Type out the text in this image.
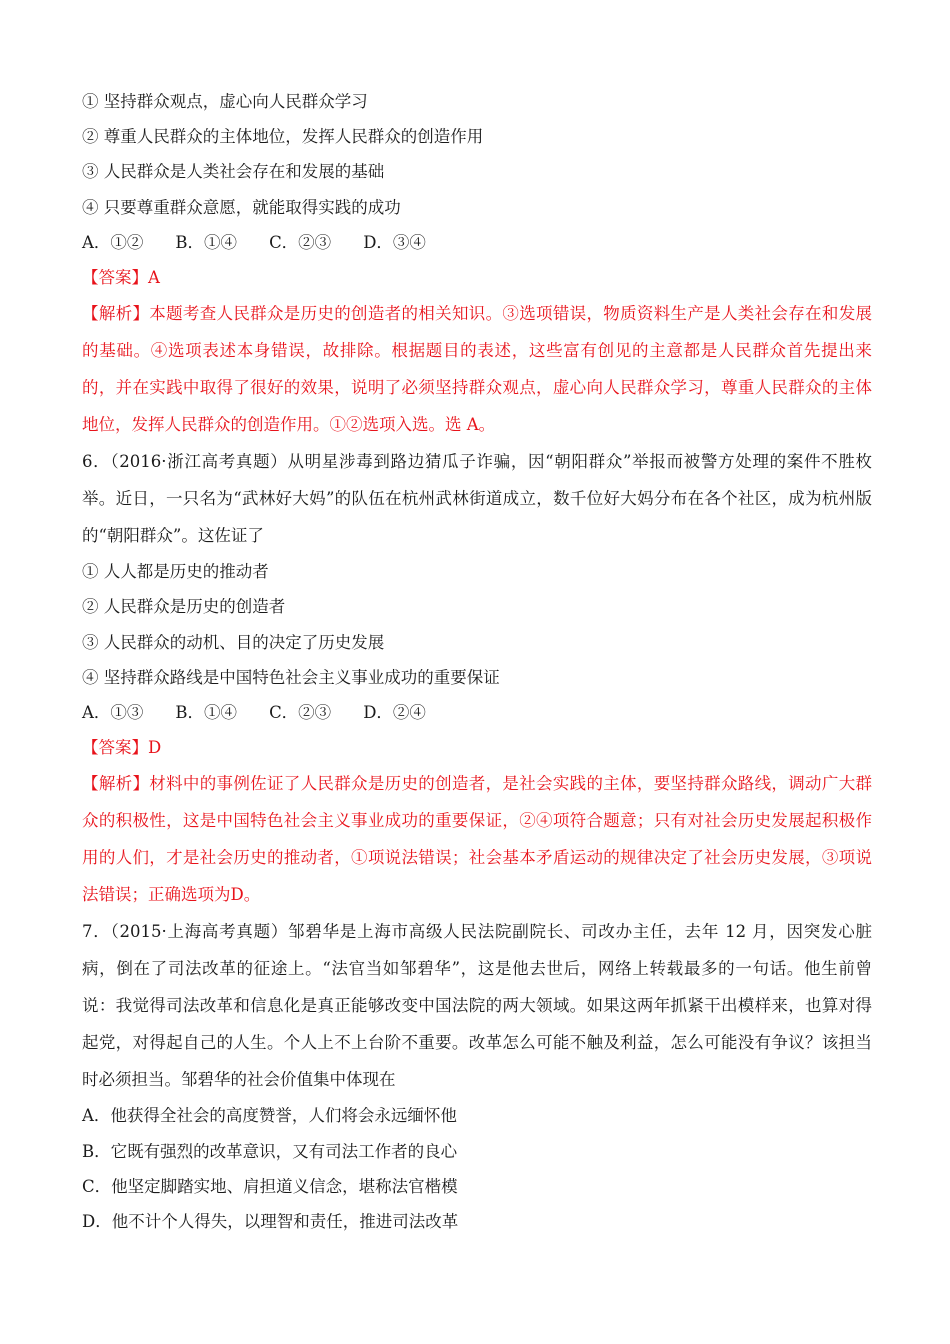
① 坚持群众观点，虚心向人民群众学习
② 尊重人民群众的主体地位，发挥人民群众的创造作用
③ 人民群众是人类社会存在和发展的基础
④ 只要尊重群众意愿，就能取得实践的成功
A．①② B．①④ C．②③ D．③④
【答案】A
【解析】本题考查人民群众是历史的创造者的相关知识。③选项错误，物质资料生产是人类社会存在和发展的基础。④选项表述本身错误，故排除。根据题目的表述，这些富有创见的主意都是人民群众首先提出来的，并在实践中取得了很好的效果，说明了必须坚持群众观点，虚心向人民群众学习，尊重人民群众的主体地位，发挥人民群众的创造作用。①②选项入选。选 A。
6．（2016·浙江高考真题）从明星涉毒到路边猜瓜子诈骗，因“朝阳群众”举报而被警方处理的案件不胜枚举。近日，一只名为“武林好大妈”的队伍在杭州武林街道成立，数千位好大妈分布在各个社区，成为杭州版的“朝阳群众”。这佐证了
① 人人都是历史的推动者
② 人民群众是历史的创造者
③ 人民群众的动机、目的决定了历史发展
④ 坚持群众路线是中国特色社会主义事业成功的重要保证
A．①③ B．①④ C．②③ D．②④
【答案】D
【解析】材料中的事例佐证了人民群众是历史的创造者，是社会实践的主体，要坚持群众路线，调动广大群众的积极性，这是中国特色社会主义事业成功的重要保证，②④项符合题意；只有对社会历史发展起积极作用的人们，才是社会历史的推动者，①项说法错误；社会基本矛盾运动的规律决定了社会历史发展，③项说法错误；正确选项为D。
7．（2015·上海高考真题）邹碧华是上海市高级人民法院副院长、司改办主任，去年 12 月，因突发心脏病，倒在了司法改革的征途上。“法官当如邹碧华”，这是他去世后，网络上转载最多的一句话。他生前曾说：我觉得司法改革和信息化是真正能够改变中国法院的两大领域。如果这两年抓紧干出模样来，也算对得起党，对得起自己的人生。个人上不上台阶不重要。改革怎么可能不触及利益，怎么可能没有争议？该担当时必须担当。邹碧华的社会价值集中体现在
A．他获得全社会的高度赞誉，人们将会永远缅怀他
B．它既有强烈的改革意识，又有司法工作者的良心
C．他坚定脚踏实地、肩担道义信念，堪称法官楷模
D．他不计个人得失，以理智和责任，推进司法改革
